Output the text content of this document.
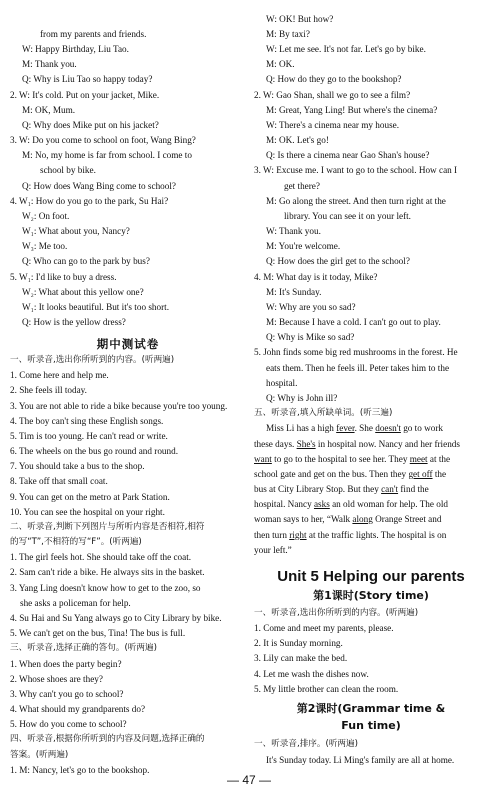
from my parents and friends.
W: Happy Birthday, Liu Tao.
M: Thank you.
Q: Why is Liu Tao so happy today?
2. W: It's cold. Put on your jacket, Mike.
M: OK, Mum.
Q: Why does Mike put on his jacket?
3. W: Do you come to school on foot, Wang Bing?
M: No, my home is far from school. I come to
school by bike.
Q: How does Wang Bing come to school?
4. W₁: How do you go to the park, Su Hai?
W₂: On foot.
W₁: What about you, Nancy?
W₃: Me too.
Q: Who can go to the park by bus?
5. W₁: I'd like to buy a dress.
W₂: What about this yellow one?
W₁: It looks beautiful. But it's too short.
Q: How is the yellow dress?
期中测试卷
一、听录音,选出你所听到的内容。(听两遍)
1. Come here and help me.
2. She feels ill today.
3. You are not able to ride a bike because you're too young.
4. The boy can't sing these English songs.
5. Tim is too young. He can't read or write.
6. The wheels on the bus go round and round.
7. You should take a bus to the shop.
8. Take off that small coat.
9. You can get on the metro at Park Station.
10. You can see the hospital on your right.
二、听录音,判断下列图片与所听内容是否相符,相符
的写“T”,不相符的写“F”。(听两遍)
1. The girl feels hot. She should take off the coat.
2. Sam can't ride a bike. He always sits in the basket.
3. Yang Ling doesn't know how to get to the zoo, so
she asks a policeman for help.
4. Su Hai and Su Yang always go to City Library by bike.
5. We can't get on the bus, Tina! The bus is full.
三、听录音,选择正确的答句。(听两遍)
1. When does the party begin?
2. Whose shoes are they?
3. Why can't you go to school?
4. What should my grandparents do?
5. How do you come to school?
四、听录音,根据你所听到的内容及问题,选择正确的
答案。(听两遍)
1. M: Nancy, let's go to the bookshop.
W: OK! But how?
M: By taxi?
W: Let me see. It's not far. Let's go by bike.
M: OK.
Q: How do they go to the bookshop?
2. W: Gao Shan, shall we go to see a film?
M: Great, Yang Ling! But where's the cinema?
W: There's a cinema near my house.
M: OK. Let's go!
Q: Is there a cinema near Gao Shan's house?
3. W: Excuse me. I want to go to the school. How can I
get there?
M: Go along the street. And then turn right at the
library. You can see it on your left.
W: Thank you.
M: You're welcome.
Q: How does the girl get to the school?
4. M: What day is it today, Mike?
M: It's Sunday.
W: Why are you so sad?
M: Because I have a cold. I can't go out to play.
Q: Why is Mike so sad?
5. John finds some big red mushrooms in the forest. He
eats them. Then he feels ill. Peter takes him to the
hospital.
Q: Why is John ill?
五、听录音,填入所缺单词。(听三遍)
Miss Li has a high fever. She doesn't go to work
these days. She's in hospital now. Nancy and her friends
want to go to the hospital to see her. They meet at the
school gate and get on the bus. Then they get off the
bus at City Library Stop. But they can't find the
hospital. Nancy asks an old woman for help. The old
woman says to her, “Walk along Orange Street and
then turn right at the traffic lights. The hospital is on
your left.”
Unit 5 Helping our parents
第1课时(Story time)
一、听录音,选出你所听到的内容。(听两遍)
1. Come and meet my parents, please.
2. It is Sunday morning.
3. Lily can make the bed.
4. Let me wash the dishes now.
5. My little brother can clean the room.
第2课时(Grammar time &
Fun time)
一、听录音,排序。(听两遍)
It's Sunday today. Li Ming's family are all at home.
— 47 —
